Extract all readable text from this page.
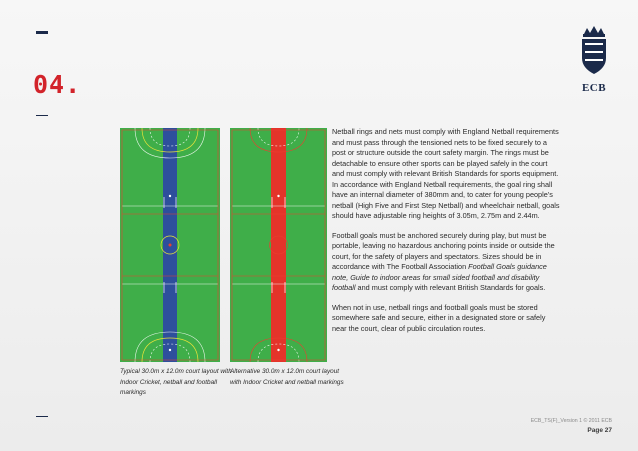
04.	ECB

Netball rings and nets must comply with England Netball requirements and must pass through the tensioned nets to be fixed securely to a post or structure outside the court safety margin. The rings must be detachable to ensure other sports can be played safely in the court and must comply with relevant British Standards for sports equipment. In accordance with England Netball requirements, the goal ring shall have an internal diameter of 380mm and, to cater for young people's netball (High Five and First Step Netball) and wheelchair netball, goals should have adjustable ring heights of 3.05m, 2.75m and 2.44m.

Football goals must be anchored securely during play, but must be portable, leaving no hazardous anchoring points inside or outside the court, for the safety of players and spectators. Sizes should be in accordance with The Football Association Football Goals guidance note, Guide to indoor areas for small sided football and disability football and must comply with relevant British Standards for goals.

When not in use, netball rings and football goals must be stored somewhere safe and secure, either in a designated store or safely near the court, clear of public circulation routes.

Typical 30.0m x 12.0m court layout with Indoor Cricket, netball and football markings
Alternative 30.0m x 12.0m court layout with Indoor Cricket and netball markings
ECB_TS(F)_Version 1 © 2011 ECB
Page 27
